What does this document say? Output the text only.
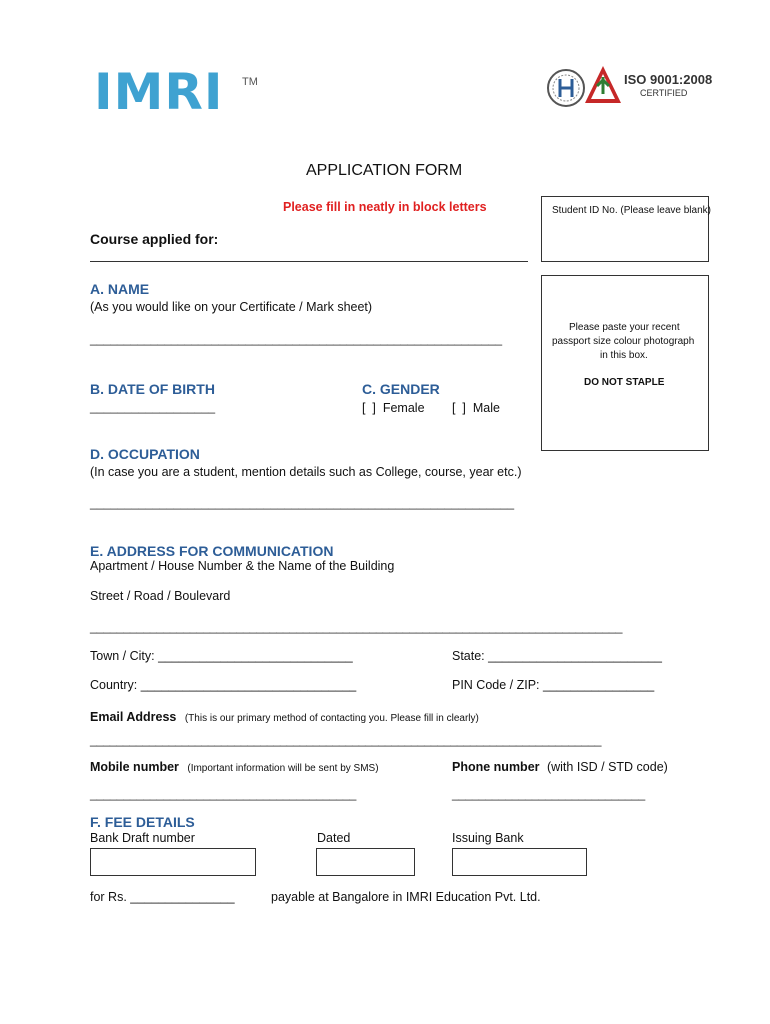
IMRI TM	ISO 9001:2008
CERTIFIED
APPLICATION FORM
Please fill in neatly in block letters	Student ID No. (Please leave blank)
Course applied for:
Please paste your recent
passport size colour photograph
in this box.
DO NOT STAPLE
A. NAME
(As you would like on your Certificate / Mark sheet)
_____________________________________________________________
B. DATE OF BIRTH
__________________
C. GENDER
[  ]  Female [  ]  Male
D. OCCUPATION
(In case you are a student, mention details such as College, course, year etc.)
_____________________________________________________________
E. ADDRESS FOR COMMUNICATION
Apartment / House Number & the Name of the Building
Street / Road / Boulevard
________________________________________________________________________________
Town / City: ____________________________	State: _________________________
Country: _______________________________	PIN Code / ZIP: ________________
Email Address (This is our primary method of contacting you. Please fill in clearly)
______________________________________________________________________________
Mobile number (Important information will be sent by SMS)	Phone number (with ISD / STD code)
________________________________________	_____________________________
F. FEE DETAILS
Bank Draft number	Dated	Issuing Bank
for Rs. _______________	payable at Bangalore in IMRI Education Pvt. Ltd.
